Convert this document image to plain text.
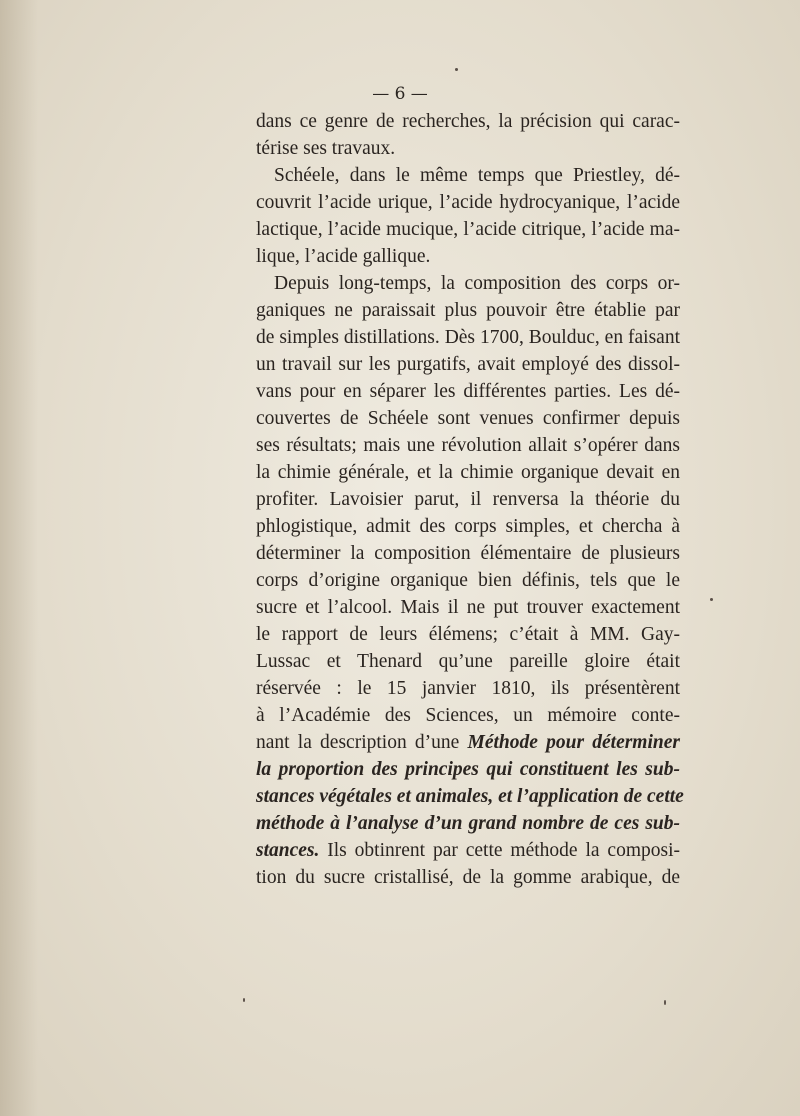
— 6 —
dans ce genre de recherches, la précision qui carac-
térise ses travaux.
Schéele, dans le même temps que Priestley, dé-
couvrit l’acide urique, l’acide hydrocyanique, l’acide
lactique, l’acide mucique, l’acide citrique, l’acide ma-
lique, l’acide gallique.
Depuis long-temps, la composition des corps or-
ganiques ne paraissait plus pouvoir être établie par
de simples distillations. Dès 1700, Boulduc, en faisant
un travail sur les purgatifs, avait employé des dissol-
vans pour en séparer les différentes parties. Les dé-
couvertes de Schéele sont venues confirmer depuis
ses résultats; mais une révolution allait s’opérer dans
la chimie générale, et la chimie organique devait en
profiter. Lavoisier parut, il renversa la théorie du
phlogistique, admit des corps simples, et chercha à
déterminer la composition élémentaire de plusieurs
corps d’origine organique bien définis, tels que le
sucre et l’alcool. Mais il ne put trouver exactement
le rapport de leurs élémens; c’était à MM. Gay-
Lussac et Thenard qu’une pareille gloire était
réservée : le 15 janvier 1810, ils présentèrent
à l’Académie des Sciences, un mémoire conte-
nant la description d’une Méthode pour déterminer
la proportion des principes qui constituent les sub-
stances végétales et animales, et l’application de cette
méthode à l’analyse d’un grand nombre de ces sub-
stances. Ils obtinrent par cette méthode la composi-
tion du sucre cristallisé, de la gomme arabique, de
